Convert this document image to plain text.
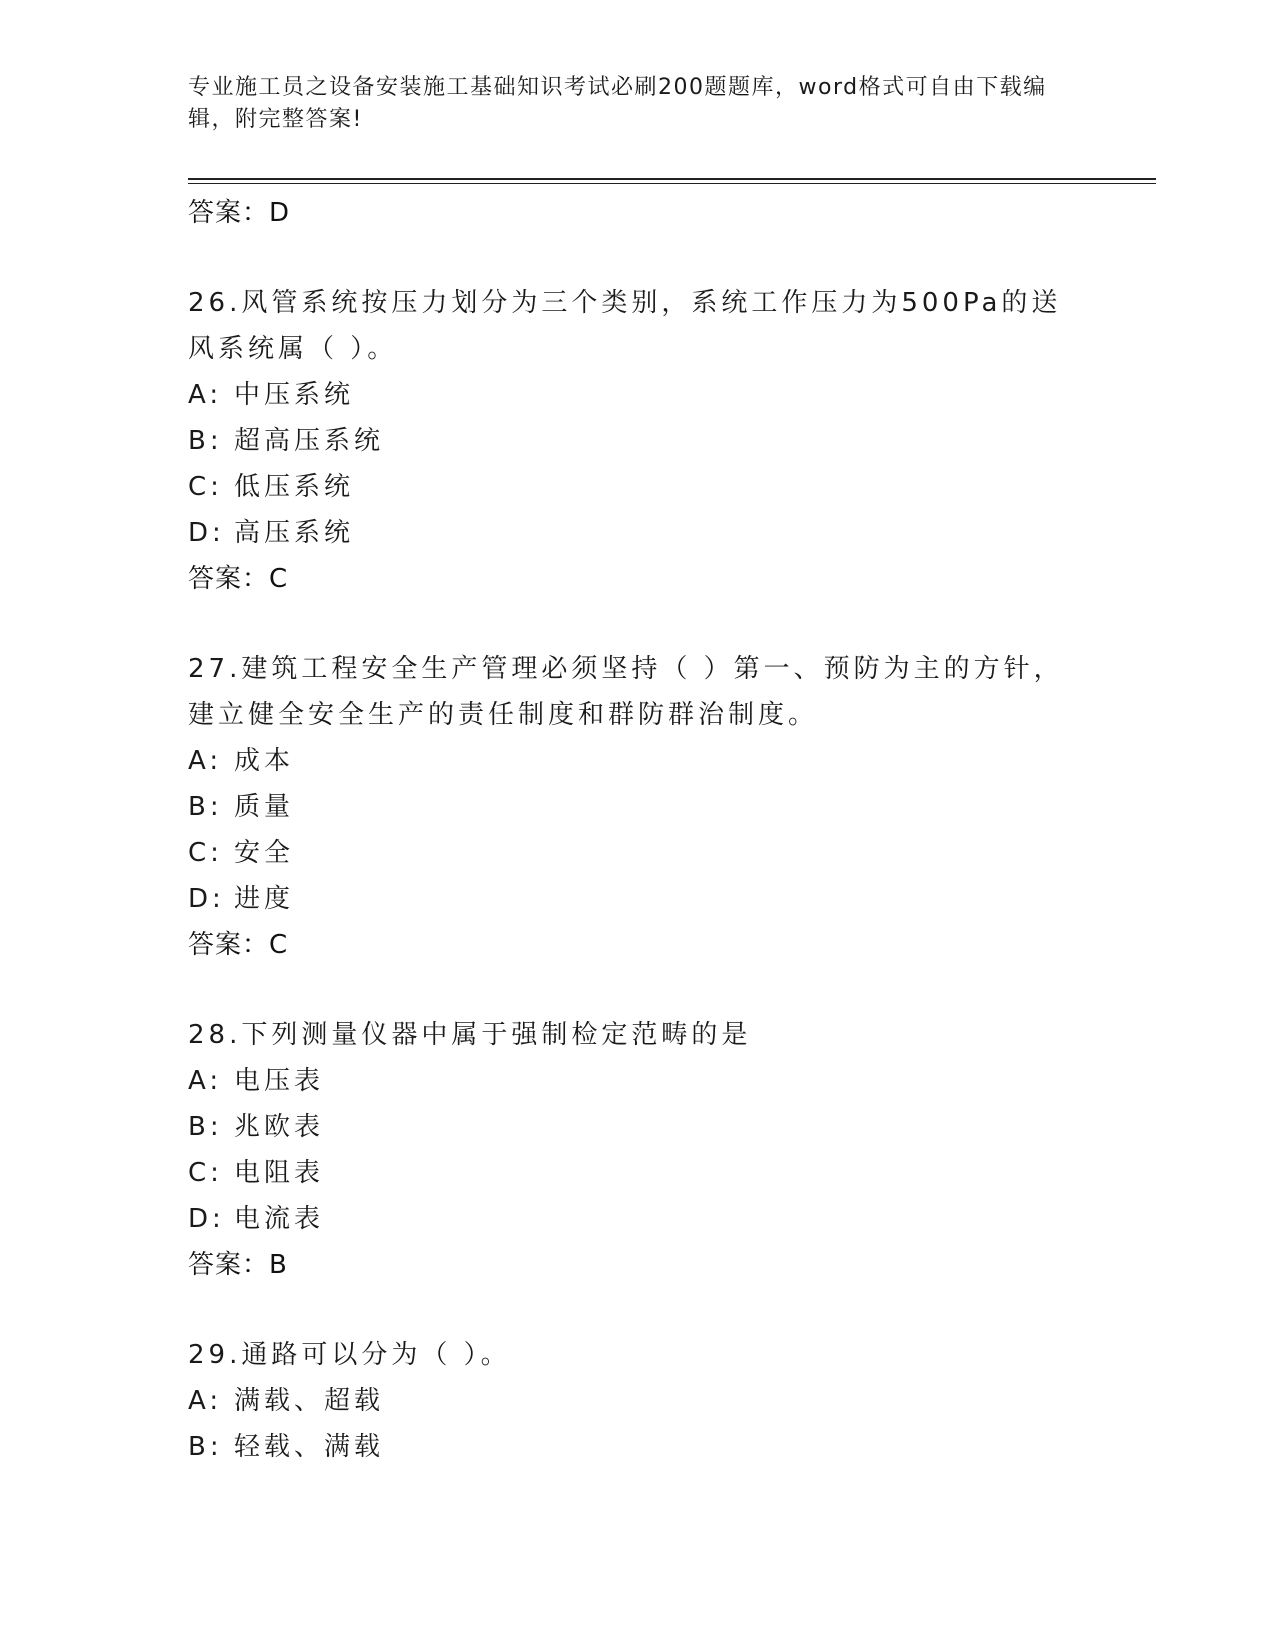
专业施工员之设备安装施工基础知识考试必刷200题题库，word格式可自由下载编辑，附完整答案!
答案：D
26.风管系统按压力划分为三个类别，系统工作压力为500Pa的送风系统属（ ）。
A: 中压系统
B: 超高压系统
C: 低压系统
D: 高压系统
答案：C
27.建筑工程安全生产管理必须坚持（ ）第一、预防为主的方针，建立健全安全生产的责任制度和群防群治制度。
A: 成本
B: 质量
C: 安全
D: 进度
答案：C
28.下列测量仪器中属于强制检定范畴的是
A: 电压表
B: 兆欧表
C: 电阻表
D: 电流表
答案：B
29.通路可以分为（ ）。
A: 满载、超载
B: 轻载、满载
